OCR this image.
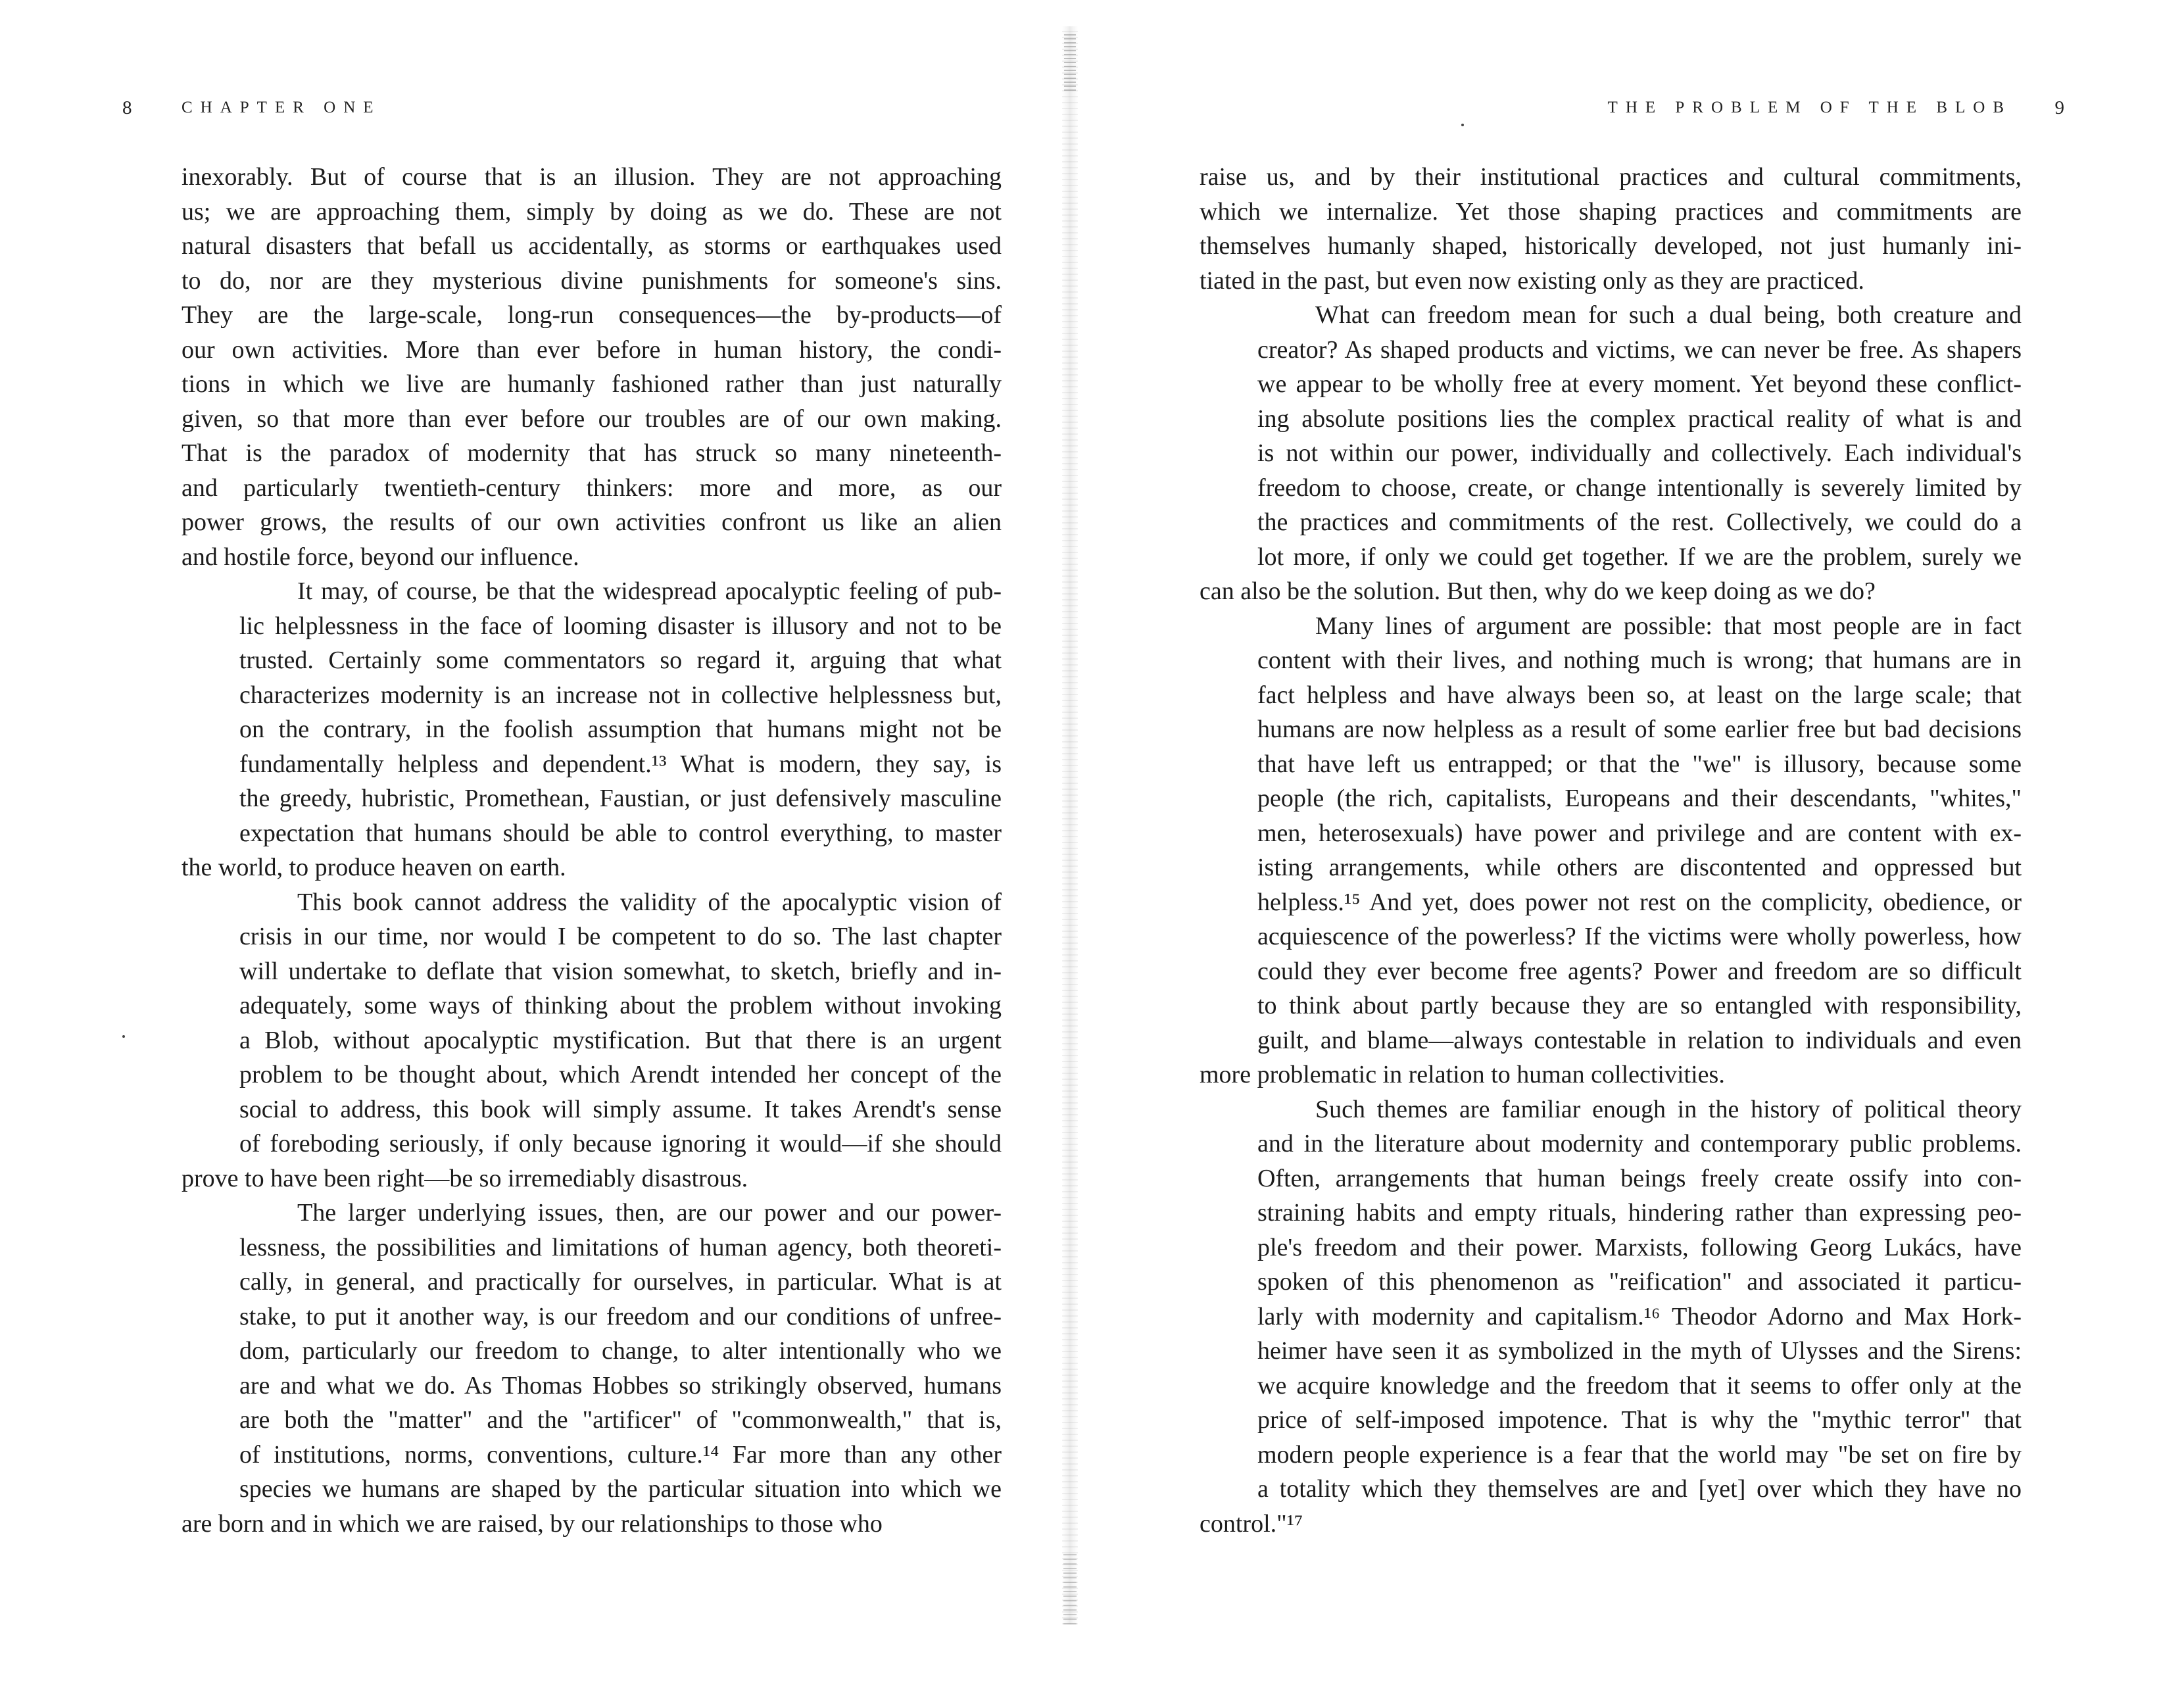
8	CHAPTER ONE	THE PROBLEM OF THE BLOB 9

inexorably. But of course that is an illusion. They are not approaching
us; we are approaching them, simply by doing as we do. These are not
natural disasters that befall us accidentally, as storms or earthquakes used
to do, nor are they mysterious divine punishments for someone's sins.
They are the large-scale, long-run consequences—the by-products—of
our own activities. More than ever before in human history, the condi-
tions in which we live are humanly fashioned rather than just naturally
given, so that more than ever before our troubles are of our own making.
That is the paradox of modernity that has struck so many nineteenth-
and particularly twentieth-century thinkers: more and more, as our
power grows, the results of our own activities confront us like an alien
and hostile force, beyond our influence.

It may, of course, be that the widespread apocalyptic feeling of pub-
lic helplessness in the face of looming disaster is illusory and not to be
trusted. Certainly some commentators so regard it, arguing that what
characterizes modernity is an increase not in collective helplessness but,
on the contrary, in the foolish assumption that humans might not be
fundamentally helpless and dependent.¹³ What is modern, they say, is
the greedy, hubristic, Promethean, Faustian, or just defensively masculine
expectation that humans should be able to control everything, to master
the world, to produce heaven on earth.

This book cannot address the validity of the apocalyptic vision of
crisis in our time, nor would I be competent to do so. The last chapter
will undertake to deflate that vision somewhat, to sketch, briefly and in-
adequately, some ways of thinking about the problem without invoking
a Blob, without apocalyptic mystification. But that there is an urgent
problem to be thought about, which Arendt intended her concept of the
social to address, this book will simply assume. It takes Arendt's sense
of foreboding seriously, if only because ignoring it would—if she should
prove to have been right—be so irremediably disastrous.

The larger underlying issues, then, are our power and our power-
lessness, the possibilities and limitations of human agency, both theoreti-
cally, in general, and practically for ourselves, in particular. What is at
stake, to put it another way, is our freedom and our conditions of unfree-
dom, particularly our freedom to change, to alter intentionally who we
are and what we do. As Thomas Hobbes so strikingly observed, humans
are both the "matter" and the "artificer" of "commonwealth," that is,
of institutions, norms, conventions, culture.¹⁴ Far more than any other
species we humans are shaped by the particular situation into which we
are born and in which we are raised, by our relationships to those who

raise us, and by their institutional practices and cultural commitments,
which we internalize. Yet those shaping practices and commitments are
themselves humanly shaped, historically developed, not just humanly ini-
tiated in the past, but even now existing only as they are practiced.

What can freedom mean for such a dual being, both creature and
creator? As shaped products and victims, we can never be free. As shapers
we appear to be wholly free at every moment. Yet beyond these conflict-
ing absolute positions lies the complex practical reality of what is and
is not within our power, individually and collectively. Each individual's
freedom to choose, create, or change intentionally is severely limited by
the practices and commitments of the rest. Collectively, we could do a
lot more, if only we could get together. If we are the problem, surely we
can also be the solution. But then, why do we keep doing as we do?

Many lines of argument are possible: that most people are in fact
content with their lives, and nothing much is wrong; that humans are in
fact helpless and have always been so, at least on the large scale; that
humans are now helpless as a result of some earlier free but bad decisions
that have left us entrapped; or that the "we" is illusory, because some
people (the rich, capitalists, Europeans and their descendants, "whites,"
men, heterosexuals) have power and privilege and are content with ex-
isting arrangements, while others are discontented and oppressed but
helpless.¹⁵ And yet, does power not rest on the complicity, obedience, or
acquiescence of the powerless? If the victims were wholly powerless, how
could they ever become free agents? Power and freedom are so difficult
to think about partly because they are so entangled with responsibility,
guilt, and blame—always contestable in relation to individuals and even
more problematic in relation to human collectivities.

Such themes are familiar enough in the history of political theory
and in the literature about modernity and contemporary public problems.
Often, arrangements that human beings freely create ossify into con-
straining habits and empty rituals, hindering rather than expressing peo-
ple's freedom and their power. Marxists, following Georg Lukács, have
spoken of this phenomenon as "reification" and associated it particu-
larly with modernity and capitalism.¹⁶ Theodor Adorno and Max Hork-
heimer have seen it as symbolized in the myth of Ulysses and the Sirens:
we acquire knowledge and the freedom that it seems to offer only at the
price of self-imposed impotence. That is why the "mythic terror" that
modern people experience is a fear that the world may "be set on fire by
a totality which they themselves are and [yet] over which they have no
control."¹⁷
